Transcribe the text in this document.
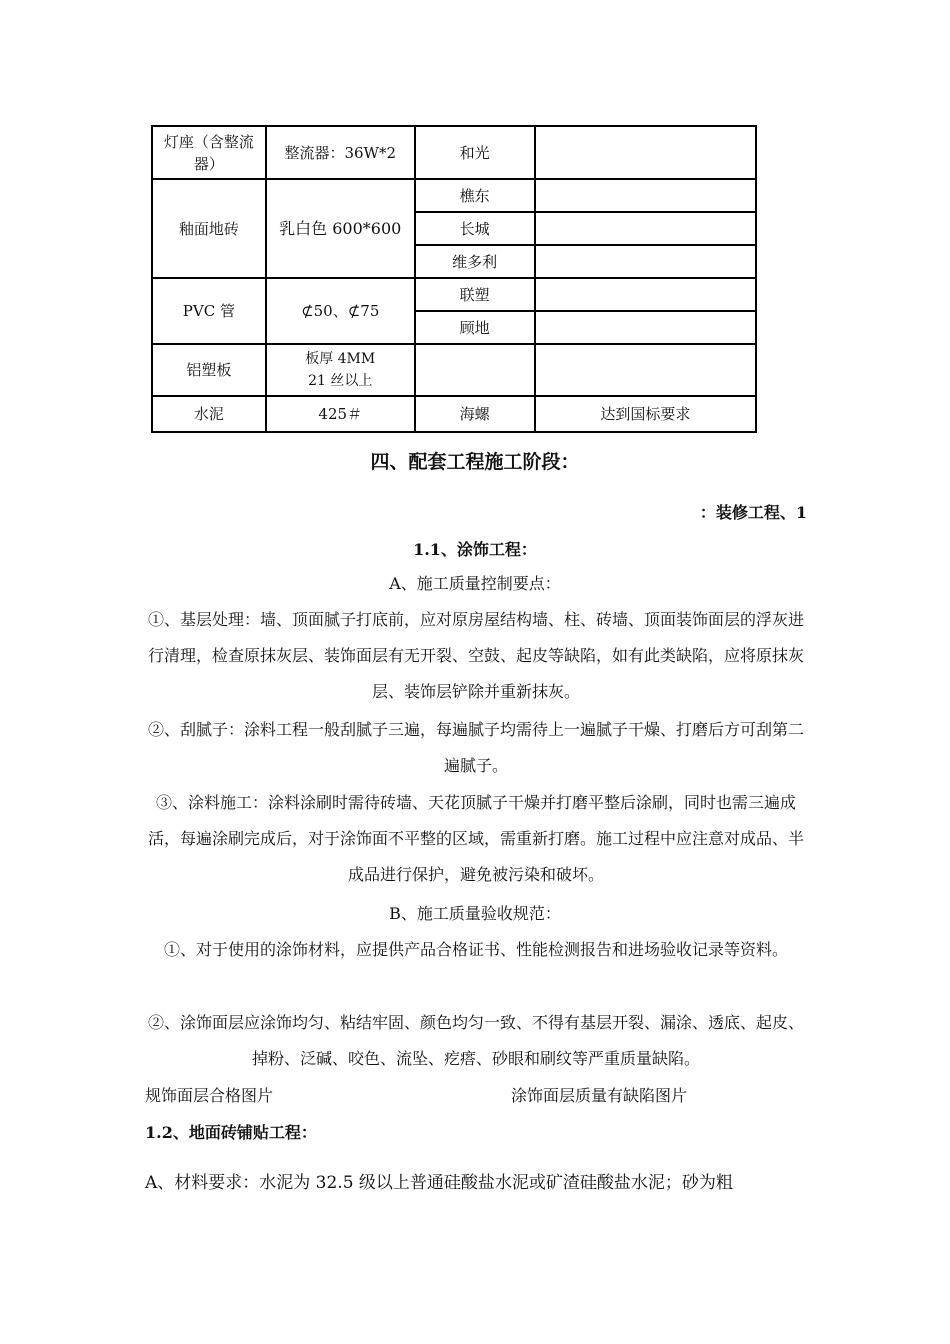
灯座（含整流器）	整流器：36W*2	和光	
釉面地砖	乳白色 600*600	樵东	
		长城	
		维多利	
PVC 管	⊄50、⊄75	联塑	
		顾地	
铝塑板	板厚 4MM
21 丝以上		

水泥	425＃	海螺	达到国标要求
四、配套工程施工阶段：
：装修工程、1
1.1、涂饰工程：
A、施工质量控制要点：
①、基层处理：墙、顶面腻子打底前，应对原房屋结构墙、柱、砖墙、顶面装饰面层的浮灰进行清理，检查原抹灰层、装饰面层有无开裂、空鼓、起皮等缺陷，如有此类缺陷，应将原抹灰层、装饰层铲除并重新抹灰。
②、刮腻子：涂料工程一般刮腻子三遍，每遍腻子均需待上一遍腻子干燥、打磨后方可刮第二遍腻子。
③、涂料施工：涂料涂刷时需待砖墙、天花顶腻子干燥并打磨平整后涂刷，同时也需三遍成活，每遍涂刷完成后，对于涂饰面不平整的区域，需重新打磨。施工过程中应注意对成品、半成品进行保护，避免被污染和破坏。
B、施工质量验收规范：
①、对于使用的涂饰材料，应提供产品合格证书、性能检测报告和进场验收记录等资料。
②、涂饰面层应涂饰均匀、粘结牢固、颜色均匀一致、不得有基层开裂、漏涂、透底、起皮、掉粉、泛碱、咬色、流坠、疙瘩、砂眼和刷纹等严重质量缺陷。
规饰面层合格图片	涂饰面层质量有缺陷图片
1.2、地面砖铺贴工程：
A、材料要求：水泥为 32.5 级以上普通硅酸盐水泥或矿渣硅酸盐水泥；砂为粗
